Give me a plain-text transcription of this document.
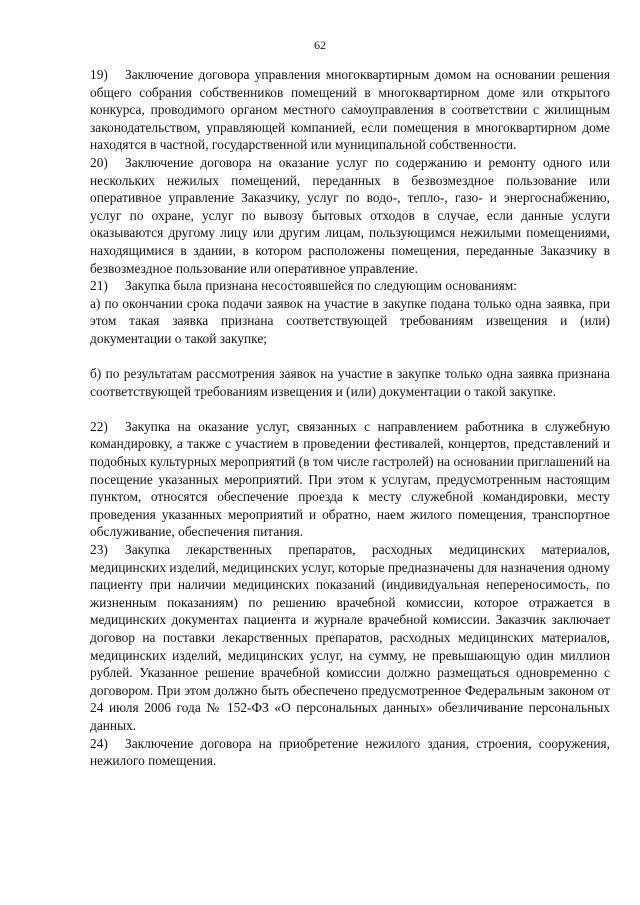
62

19) Заключение договора управления многоквартирным домом на основании решения общего собрания собственников помещений в многоквартирном доме или открытого конкурса, проводимого органом местного самоуправления в соответствии с жилищным законодательством, управляющей компанией, если помещения в многоквартирном доме находятся в частной, государственной или муниципальной собственности.

20) Заключение договора на оказание услуг по содержанию и ремонту одного или нескольких нежилых помещений, переданных в безвозмездное пользование или оперативное управление Заказчику, услуг по водо-, тепло-, газо- и энергоснабжению, услуг по охране, услуг по вывозу бытовых отходов в случае, если данные услуги оказываются другому лицу или другим лицам, пользующимся нежилыми помещениями, находящимися в здании, в котором расположены помещения, переданные Заказчику в безвозмездное пользование или оперативное управление.

21) Закупка была признана несостоявшейся по следующим основаниям:

а) по окончании срока подачи заявок на участие в закупке подана только одна заявка, при этом такая заявка признана соответствующей требованиям извещения и (или) документации о такой закупке;

б) по результатам рассмотрения заявок на участие в закупке только одна заявка признана соответствующей требованиям извещения и (или) документации о такой закупке.

22) Закупка на оказание услуг, связанных с направлением работника в служебную командировку, а также с участием в проведении фестивалей, концертов, представлений и подобных культурных мероприятий (в том числе гастролей) на основании приглашений на посещение указанных мероприятий. При этом к услугам, предусмотренным настоящим пунктом, относятся обеспечение проезда к месту служебной командировки, месту проведения указанных мероприятий и обратно, наем жилого помещения, транспортное обслуживание, обеспечения питания.

23) Закупка лекарственных препаратов, расходных медицинских материалов, медицинских изделий, медицинских услуг, которые предназначены для назначения одному пациенту при наличии медицинских показаний (индивидуальная непереносимость, по жизненным показаниям) по решению врачебной комиссии, которое отражается в медицинских документах пациента и журнале врачебной комиссии. Заказчик заключает договор на поставки лекарственных препаратов, расходных медицинских материалов, медицинских изделий, медицинских услуг, на сумму, не превышающую один миллион рублей. Указанное решение врачебной комиссии должно размещаться одновременно с договором. При этом должно быть обеспечено предусмотренное Федеральным законом от 24 июля 2006 года № 152-ФЗ «О персональных данных» обезличивание персональных данных.

24) Заключение договора на приобретение нежилого здания, строения, сооружения, нежилого помещения.
